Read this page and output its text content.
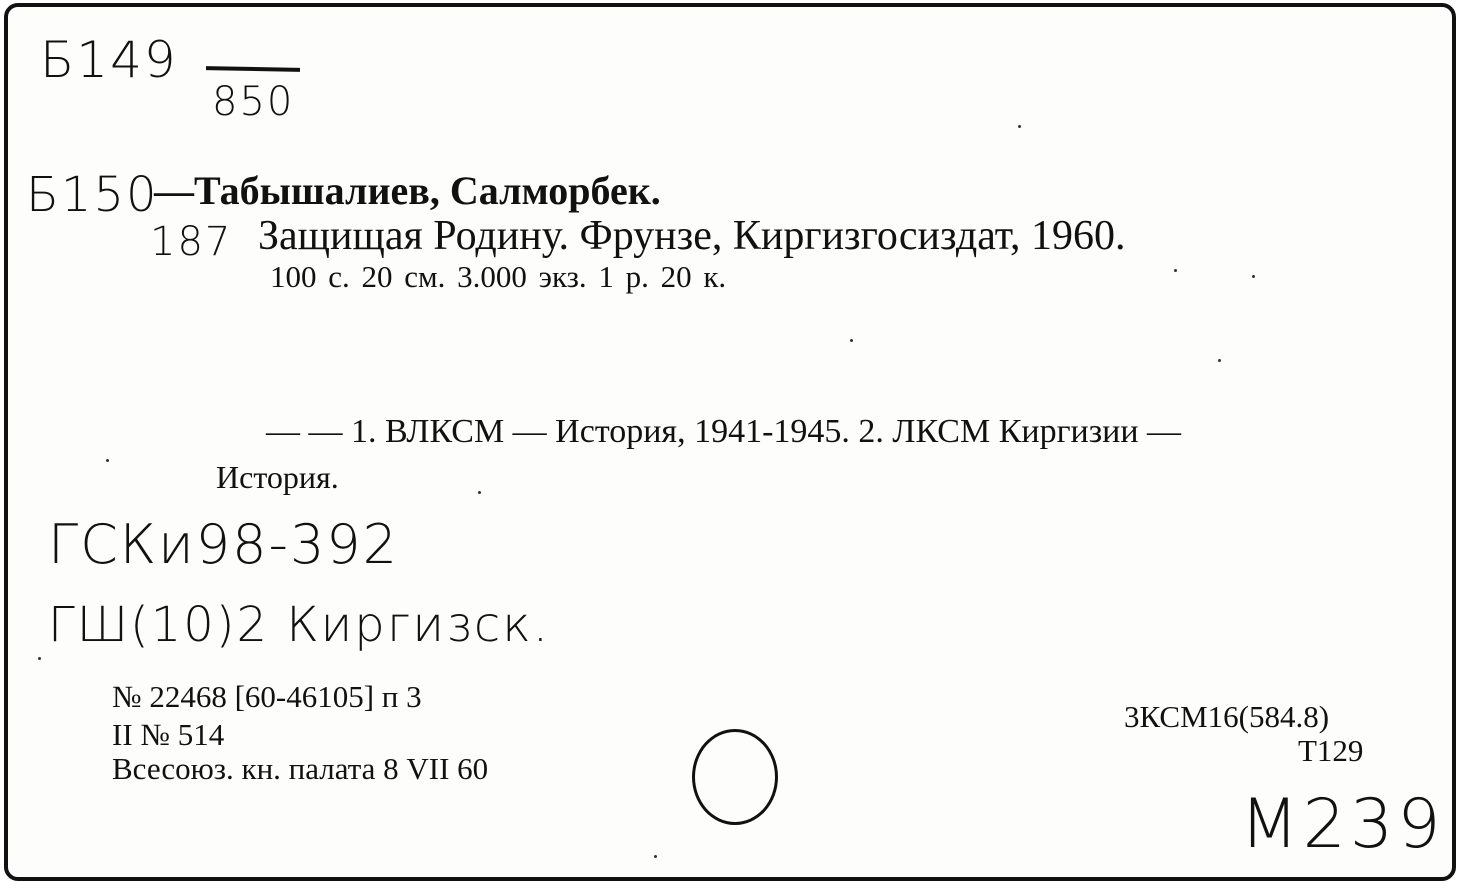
Б149
850
Б150
187
—Табышалиев, Салморбек.
Защищая Родину. Фрунзе, Киргизгосиздат, 1960.
100 с. 20 см. 3.000 экз. 1 р. 20 к.
— — 1. ВЛКСМ — История, 1941-1945. 2. ЛКСМ Киргизии —
История.
ГСКи98-392
ГШ(10)2 Киргизск.
№ 22468 [60-46105] п 3
II № 514
Всесоюз. кн. палата 8 VII 60
3КСМ16(584.8)
Т129
М239
